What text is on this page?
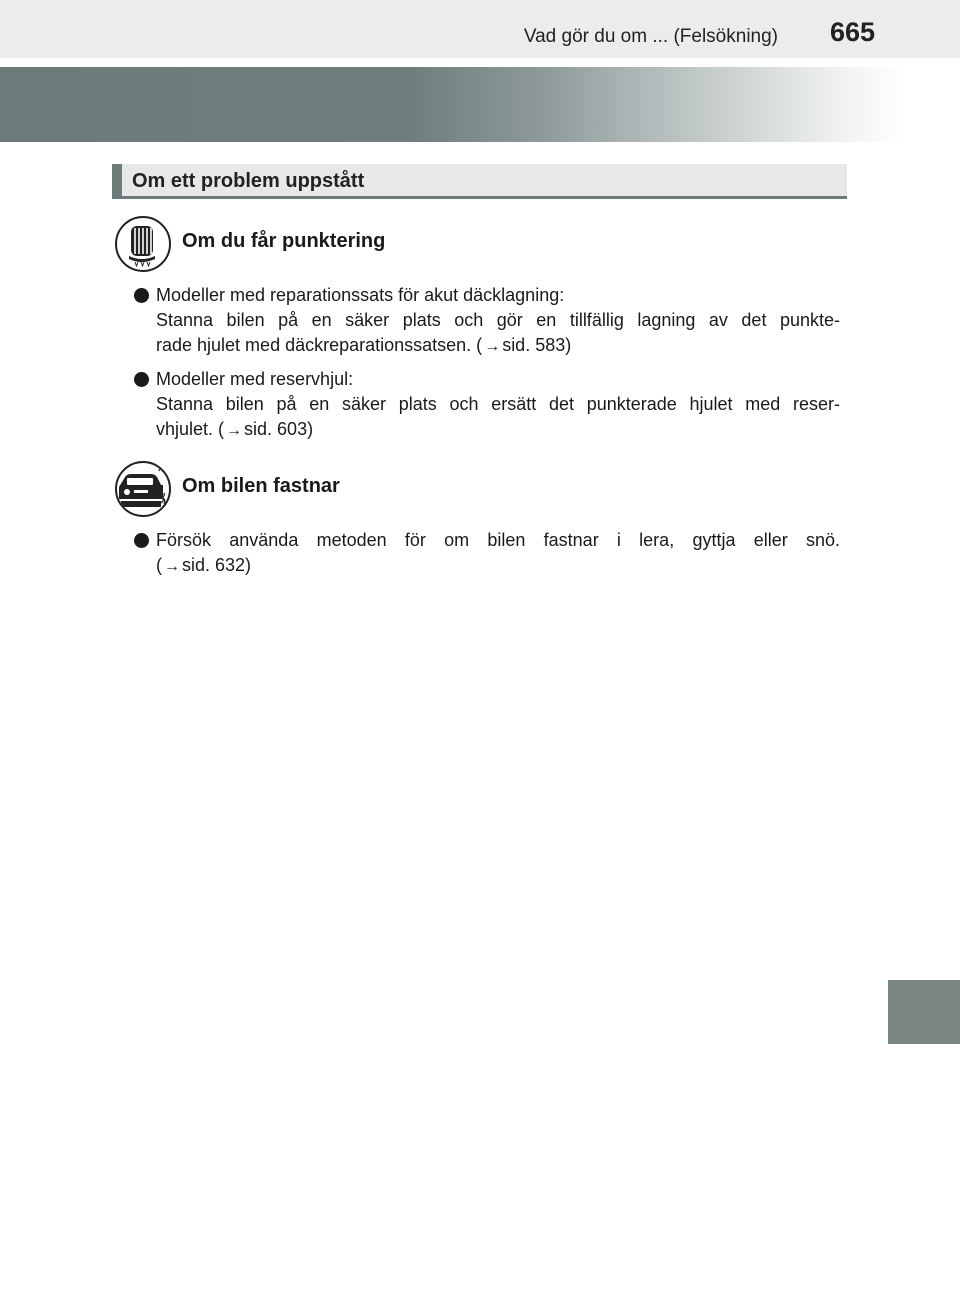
Vad gör du om ... (Felsökning) 665
Om ett problem uppstått
Om du får punktering
Modeller med reparationssats för akut däcklagning:
Stanna bilen på en säker plats och gör en tillfällig lagning av det punkte-
rade hjulet med däckreparationssatsen. ( → sid. 583)
Modeller med reservhjul:
Stanna bilen på en säker plats och ersätt det punkterade hjulet med reser-
vhjulet. ( → sid. 603)
Om bilen fastnar
Försök använda metoden för om bilen fastnar i lera, gyttja eller snö.
( → sid. 632)
